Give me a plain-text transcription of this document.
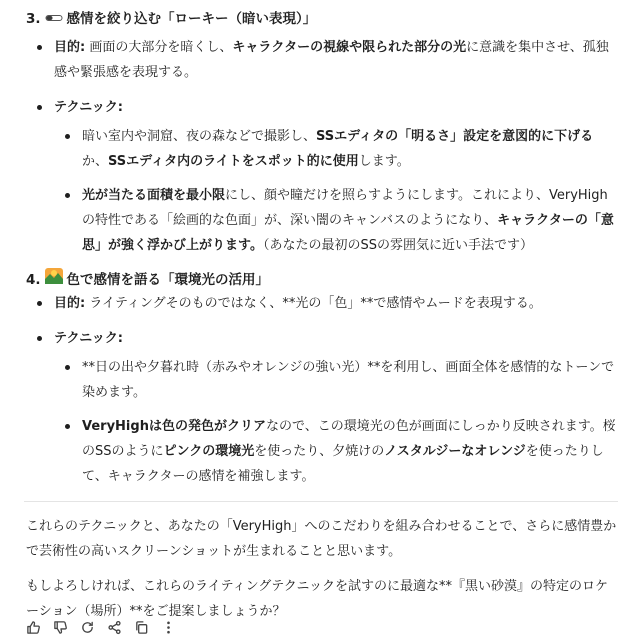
3. 感情を絞り込む「ローキー（暗い表現）」
目的: 画面の大部分を暗くし、キャラクターの視線や限られた部分の光に意識を集中させ、孤独感や緊張感を表現する。
テクニック:
暗い室内や洞窟、夜の森などで撮影し、SSエディタの「明るさ」設定を意図的に下げるか、SSエディタ内のライトをスポット的に使用します。
光が当たる面積を最小限にし、顔や瞳だけを照らすようにします。これにより、VeryHighの特性である「絵画的な色面」が、深い闇のキャンバスのようになり、キャラクターの「意思」が強く浮かび上がります。（あなたの最初のSSの雰囲気に近い手法です）
4. 色で感情を語る「環境光の活用」
目的: ライティングそのものではなく、**光の「色」**で感情やムードを表現する。
テクニック:
**日の出や夕暮れ時（赤みやオレンジの強い光）**を利用し、画面全体を感情的なトーンで染めます。
VeryHighは色の発色がクリアなので、この環境光の色が画面にしっかり反映されます。桜のSSのようにピンクの環境光を使ったり、夕焼けのノスタルジーなオレンジを使ったりして、キャラクターの感情を補強します。

これらのテクニックと、あなたの「VeryHigh」へのこだわりを組み合わせることで、さらに感情豊かで芸術性の高いスクリーンショットが生まれることと思います。

もしよろしければ、これらのライティングテクニックを試すのに最適な**『黒い砂漠』の特定のロケーション（場所）**をご提案しましょうか？
